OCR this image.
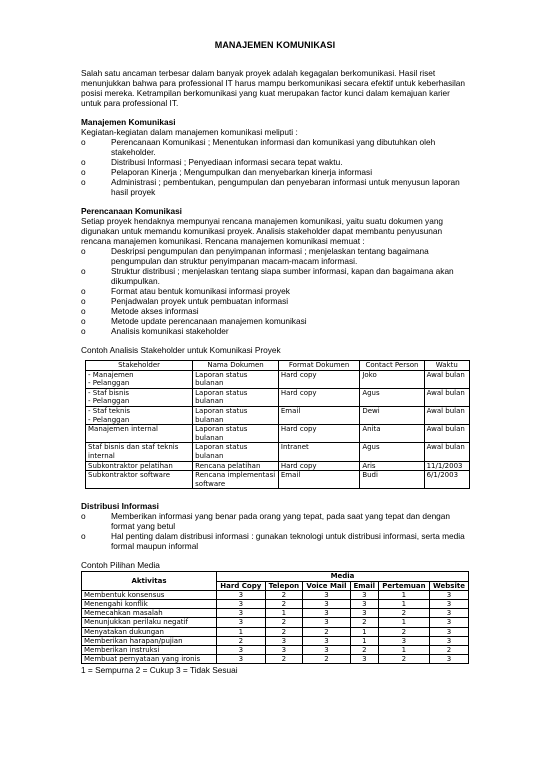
MANAJEMEN KOMUNIKASI

Salah satu ancaman terbesar dalam banyak proyek adalah kegagalan berkomunikasi. Hasil riset menunjukkan bahwa para professional IT harus mampu berkomunikasi secara efektif untuk keberhasilan posisi mereka. Ketrampilan berkomunikasi yang kuat merupakan factor kunci dalam kemajuan karier untuk para professional IT.

Manajemen Komunikasi

Kegiatan-kegiatan dalam manajemen komunikasi meliputi :

o	Perencanaan Komunikasi ; Menentukan informasi dan komunikasi yang dibutuhkan oleh stakeholder.

o	Distribusi Informasi ; Penyediaan informasi secara tepat waktu.

o	Pelaporan Kinerja ; Mengumpulkan dan menyebarkan kinerja informasi

o	Administrasi ; pembentukan, pengumpulan dan penyebaran informasi untuk menyusun laporan hasil proyek

Perencanaan Komunikasi

Setiap proyek hendaknya mempunyai rencana manajemen komunikasi, yaitu suatu dokumen yang digunakan untuk memandu komunikasi proyek. Analisis stakeholder dapat membantu penyusunan rencana manajemen komunikasi. Rencana manajemen komunikasi memuat :

o	Deskripsi pengumpulan dan penyimpanan informasi ; menjelaskan tentang bagaimana pengumpulan dan struktur penyimpanan macam-macam informasi.

o	Struktur distribusi ; menjelaskan tentang siapa sumber informasi, kapan dan bagaimana akan dikumpulkan.

o	Format atau bentuk komunikasi informasi proyek

o	Penjadwalan proyek untuk pembuatan informasi

o	Metode akses informasi

o	Metode update perencanaan manajemen komunikasi

o	Analisis komunikasi stakeholder

Contoh Analisis Stakeholder untuk Komunikasi Proyek

Stakeholder	Nama Dokumen	Format Dokumen	Contact Person	Waktu
- Manajemen
- Pelanggan	Laporan status bulanan	Hard copy	Joko	Awal bulan
- Staf bisnis
- Pelanggan	Laporan status bulanan	Hard copy	Agus	Awal bulan
- Staf teknis
- Pelanggan	Laporan status bulanan	Email	Dewi	Awal bulan
Manajemen internal	Laporan status bulanan	Hard copy	Anita	Awal bulan
Staf bisnis dan staf teknis internal	Laporan status bulanan	Intranet	Agus	Awal bulan
Subkontraktor pelatihan	Rencana pelatihan	Hard copy	Aris	11/1/2003
Subkontraktor software	Rencana implementasi software	Email	Budi	6/1/2003

Distribusi Informasi

o	Memberikan informasi yang benar pada orang yang tepat, pada saat yang tepat dan dengan format yang betul

o	Hal penting dalam distribusi informasi : gunakan teknologi untuk distribusi informasi, serta media formal maupun informal

Contoh Pilihan Media

Aktivitas	Media					
	Hard Copy	Telepon	Voice Mail	Email	Pertemuan	Website
Membentuk konsensus	3	2	3	3	1	3
Menengahi konflik	3	2	3	3	1	3
Memecahkan masalah	3	1	3	3	2	3
Menunjukkan perilaku negatif	3	2	3	2	1	3
Menyatakan dukungan	1	2	2	1	2	3
Memberikan harapan/pujian	2	3	3	1	3	3
Memberikan instruksi	3	3	3	2	1	2
Membuat pernyataan yang ironis	3	2	2	3	2	3

1 = Sempurna 2 = Cukup 3 = Tidak Sesuai
